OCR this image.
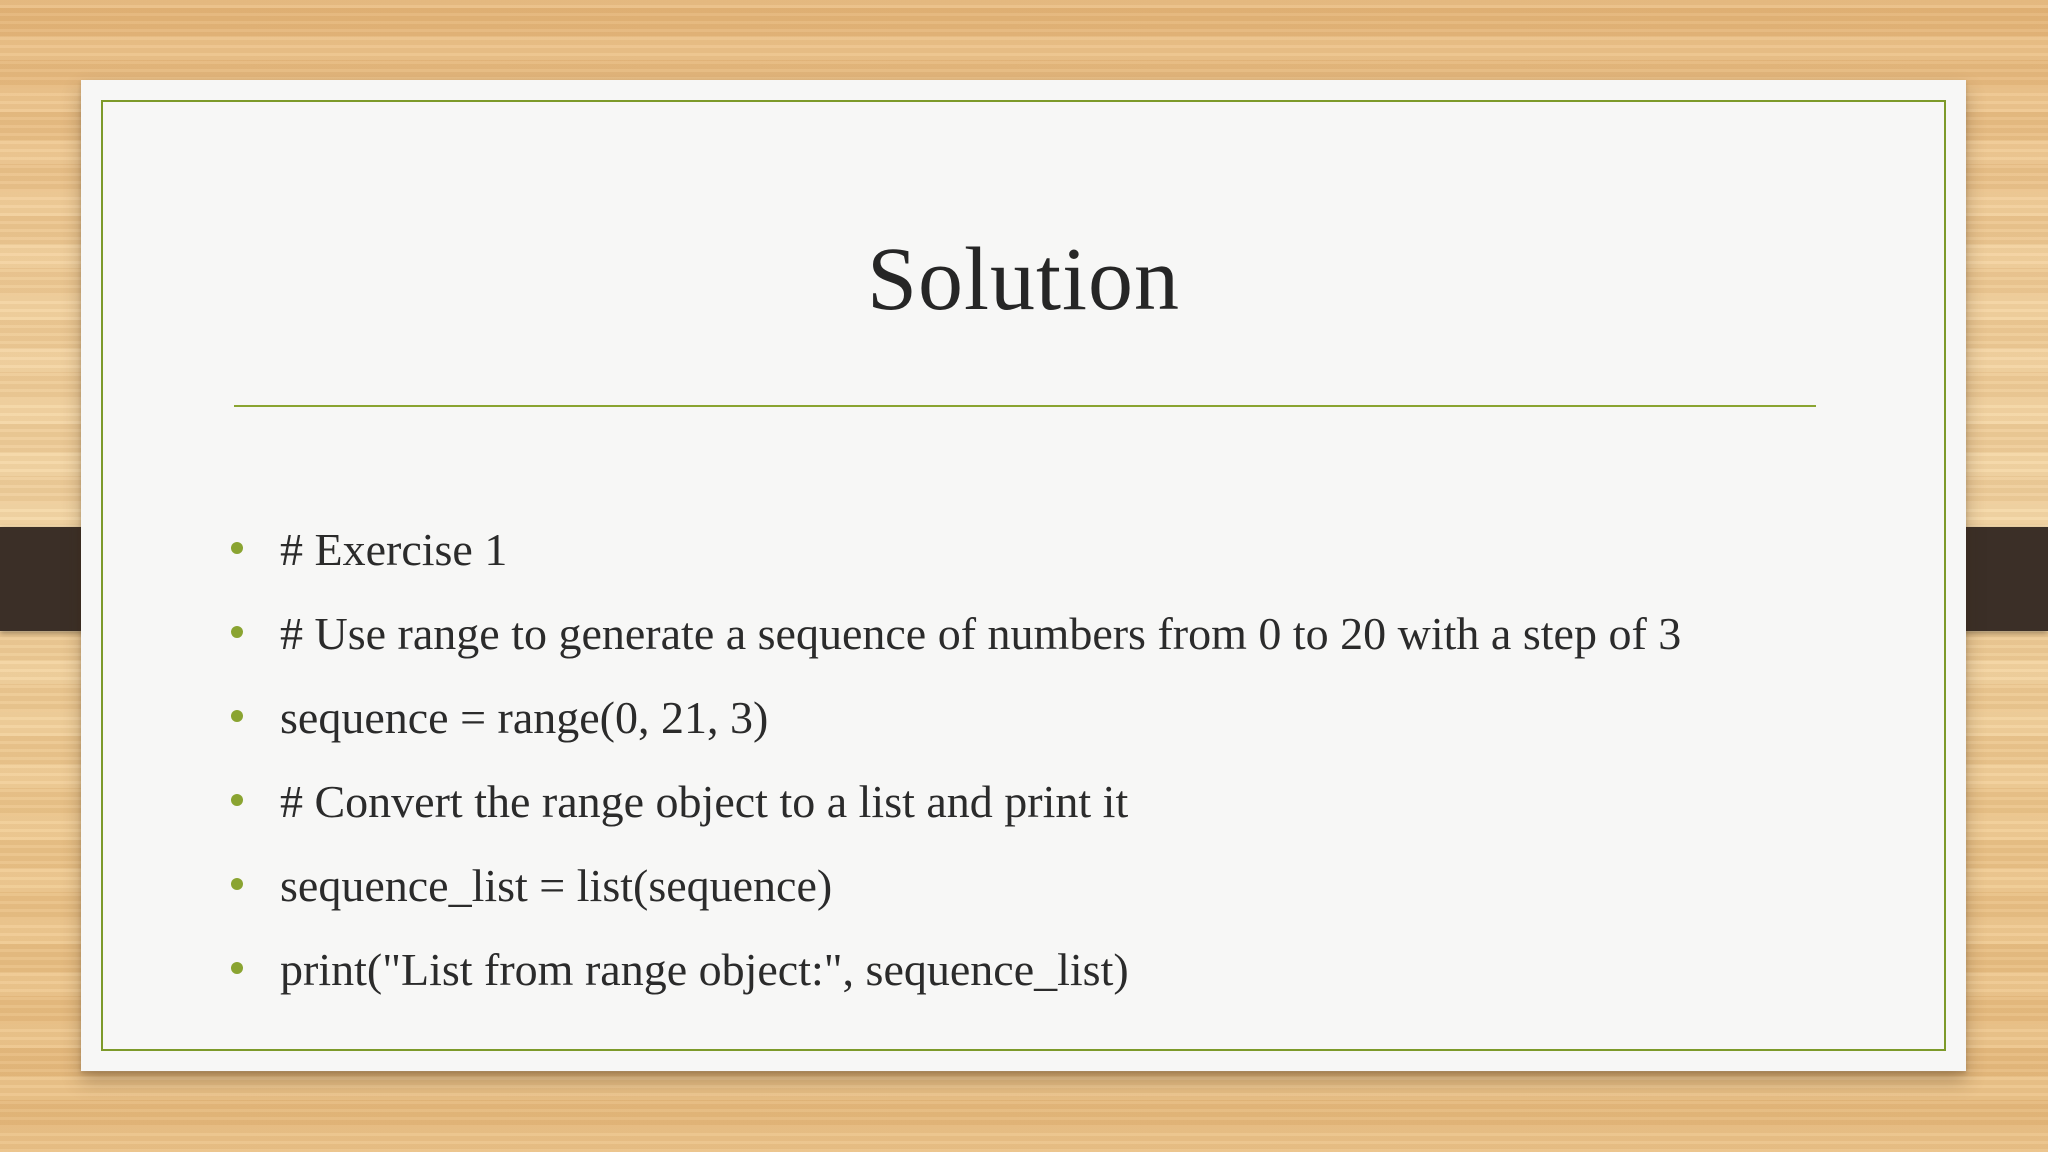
Solution
# Exercise 1
# Use range to generate a sequence of numbers from 0 to 20 with a step of 3
sequence = range(0, 21, 3)
# Convert the range object to a list and print it
sequence_list = list(sequence)
print("List from range object:", sequence_list)
